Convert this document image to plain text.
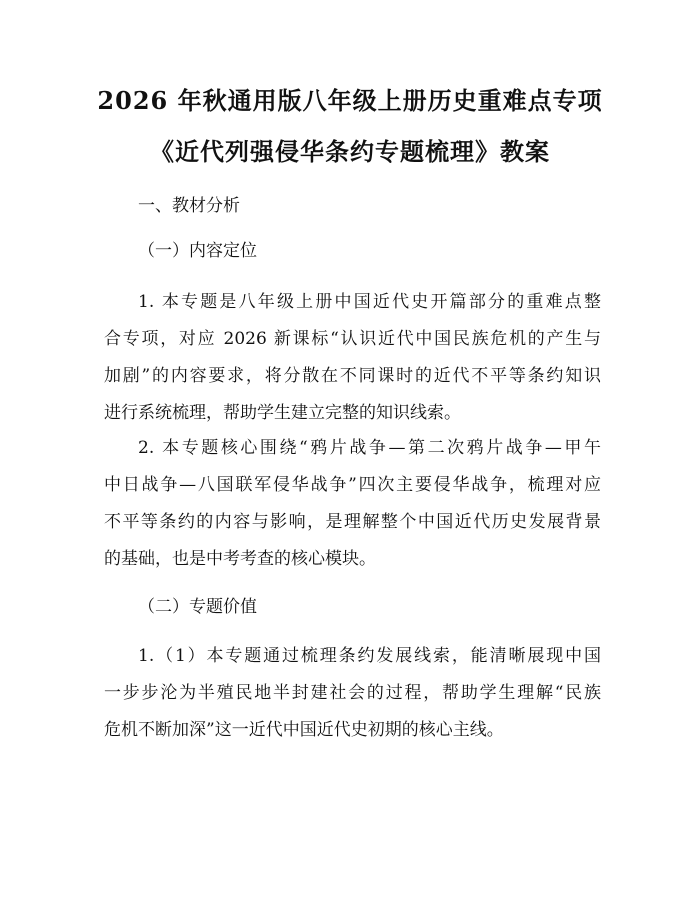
2026 年秋通用版八年级上册历史重难点专项
《近代列强侵华条约专题梳理》教案
一、教材分析
（一）内容定位
1. 本专题是八年级上册中国近代史开篇部分的重难点整
合专项，对应 2026 新课标“认识近代中国民族危机的产生与
加剧”的内容要求，将分散在不同课时的近代不平等条约知识
进行系统梳理，帮助学生建立完整的知识线索。
2. 本专题核心围绕“鸦片战争—第二次鸦片战争—甲午
中日战争—八国联军侵华战争”四次主要侵华战争，梳理对应
不平等条约的内容与影响，是理解整个中国近代历史发展背景
的基础，也是中考考查的核心模块。
（二）专题价值
1.（1）本专题通过梳理条约发展线索，能清晰展现中国
一步步沦为半殖民地半封建社会的过程，帮助学生理解“民族
危机不断加深”这一近代中国近代史初期的核心主线。
